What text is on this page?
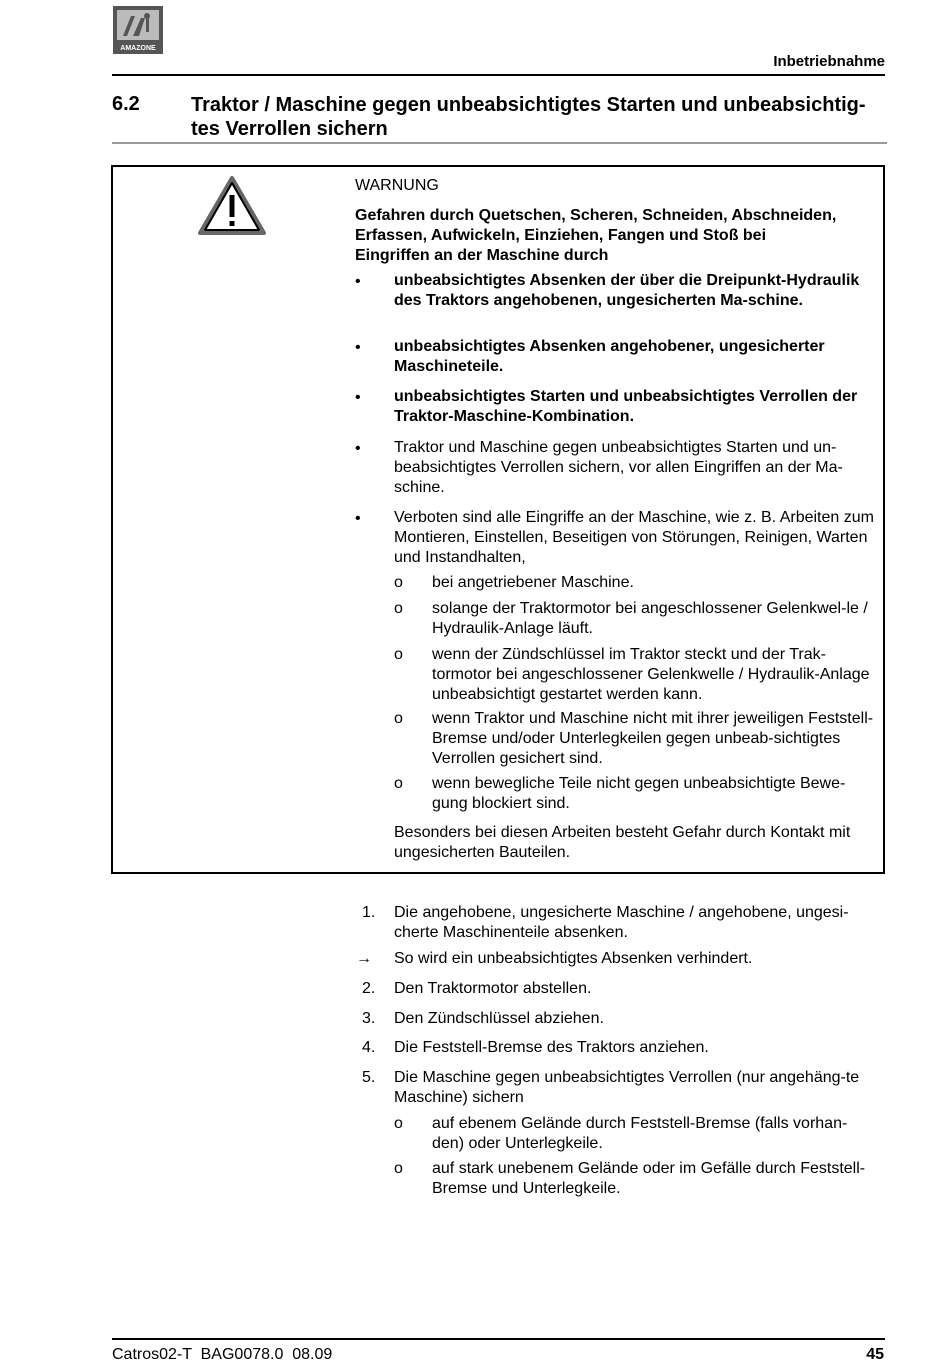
AMAZONE
Inbetriebnahme
6.2	Traktor / Maschine gegen unbeabsichtigtes Starten und unbeabsichtig-tes Verrollen sichern
WARNUNG
Gefahren durch Quetschen, Scheren, Schneiden, Abschneiden, Erfassen, Aufwickeln, Einziehen, Fangen und Stoß bei Eingriffen an der Maschine durch
• unbeabsichtigtes Absenken der über die Dreipunkt-Hydraulik des Traktors angehobenen, ungesicherten Ma-schine.
• unbeabsichtigtes Absenken angehobener, ungesicherter Maschineteile.
• unbeabsichtigtes Starten und unbeabsichtigtes Verrollen der Traktor-Maschine-Kombination.
• Traktor und Maschine gegen unbeabsichtigtes Starten und un-beabsichtigtes Verrollen sichern, vor allen Eingriffen an der Ma-schine.
• Verboten sind alle Eingriffe an der Maschine, wie z. B. Arbeiten zum Montieren, Einstellen, Beseitigen von Störungen, Reinigen, Warten und Instandhalten,
ο bei angetriebener Maschine.
ο solange der Traktormotor bei angeschlossener Gelenkwel-le / Hydraulik-Anlage läuft.
ο wenn der Zündschlüssel im Traktor steckt und der Trak-tormotor bei angeschlossener Gelenkwelle / Hydraulik-Anlage unbeabsichtigt gestartet werden kann.
ο wenn Traktor und Maschine nicht mit ihrer jeweiligen Feststell-Bremse und/oder Unterlegkeilen gegen unbeab-sichtigtes Verrollen gesichert sind.
ο wenn bewegliche Teile nicht gegen unbeabsichtigte Bewe-gung blockiert sind.
Besonders bei diesen Arbeiten besteht Gefahr durch Kontakt mit ungesicherten Bauteilen.
1. Die angehobene, ungesicherte Maschine / angehobene, ungesi-cherte Maschinenteile absenken.
→ So wird ein unbeabsichtigtes Absenken verhindert.
2. Den Traktormotor abstellen.
3. Den Zündschlüssel abziehen.
4. Die Feststell-Bremse des Traktors anziehen.
5. Die Maschine gegen unbeabsichtigtes Verrollen (nur angehäng-te Maschine) sichern
ο auf ebenem Gelände durch Feststell-Bremse (falls vorhan-den) oder Unterlegkeile.
ο auf stark unebenem Gelände oder im Gefälle durch Feststell-Bremse und Unterlegkeile.
Catros02-T  BAG0078.0  08.09	45
